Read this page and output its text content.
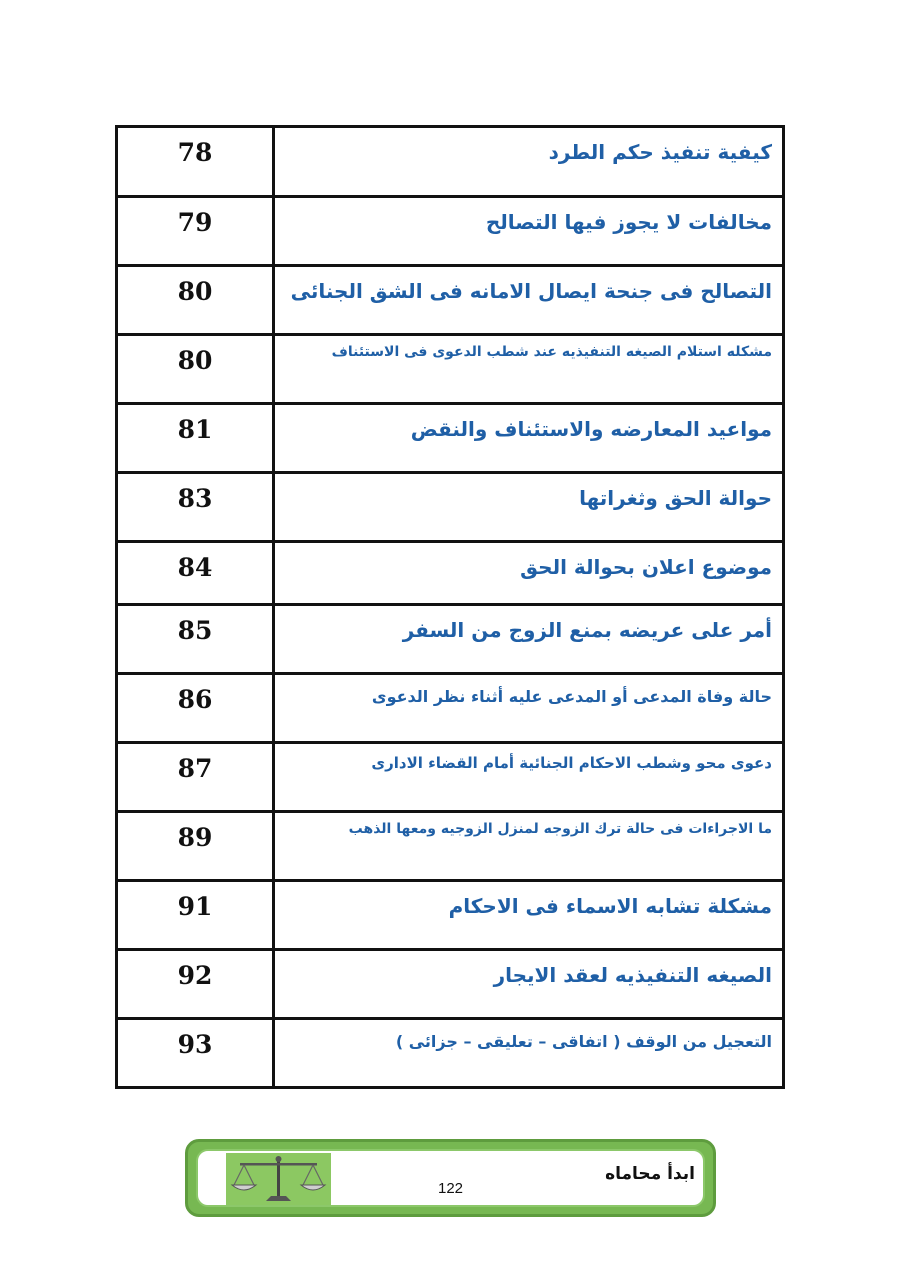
78	كيفية تنفيذ حكم الطرد
79	مخالفات لا يجوز فيها التصالح
80	التصالح فى جنحة ايصال الامانه فى الشق الجنائى
80	مشكله استلام الصيغه التنفيذيه عند شطب الدعوى فى الاستئناف
81	مواعيد المعارضه والاستئناف والنقض
83	حوالة الحق وثغراتها
84	موضوع اعلان بحوالة الحق
85	أمر على عريضه بمنع الزوج من السفر
86	حالة وفاة المدعى أو المدعى عليه أثناء نظر الدعوى
87	دعوى محو وشطب الاحكام الجنائية أمام القضاء الادارى
89	ما الاجراءات فى حالة ترك الزوجه لمنزل الزوجيه ومعها الذهب
91	مشكلة تشابه الاسماء فى الاحكام
92	الصيغه التنفيذيه لعقد الايجار
93	التعجيل من الوقف ( اتفاقى – تعليقى – جزائى )
122
ابدأ محاماه
